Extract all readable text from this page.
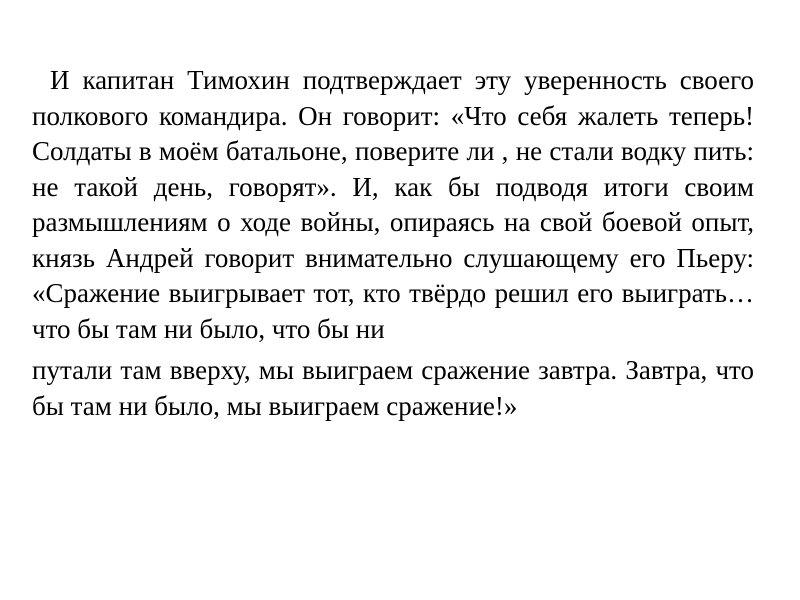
И капитан Тимохин подтверждает эту уверенность своего полкового командира. Он говорит: «Что себя жалеть теперь! Солдаты в моём батальоне, поверите ли , не стали водку пить: не такой день, говорят». И, как бы подводя итоги своим размышлениям о ходе войны, опираясь на свой боевой опыт, князь Андрей говорит внимательно слушающему его Пьеру: «Сражение выигрывает тот, кто твёрдо решил его выиграть… что бы там ни было, что бы ни

путали там вверху, мы выиграем сражение завтра. Завтра, что бы там ни было, мы выиграем сражение!»
